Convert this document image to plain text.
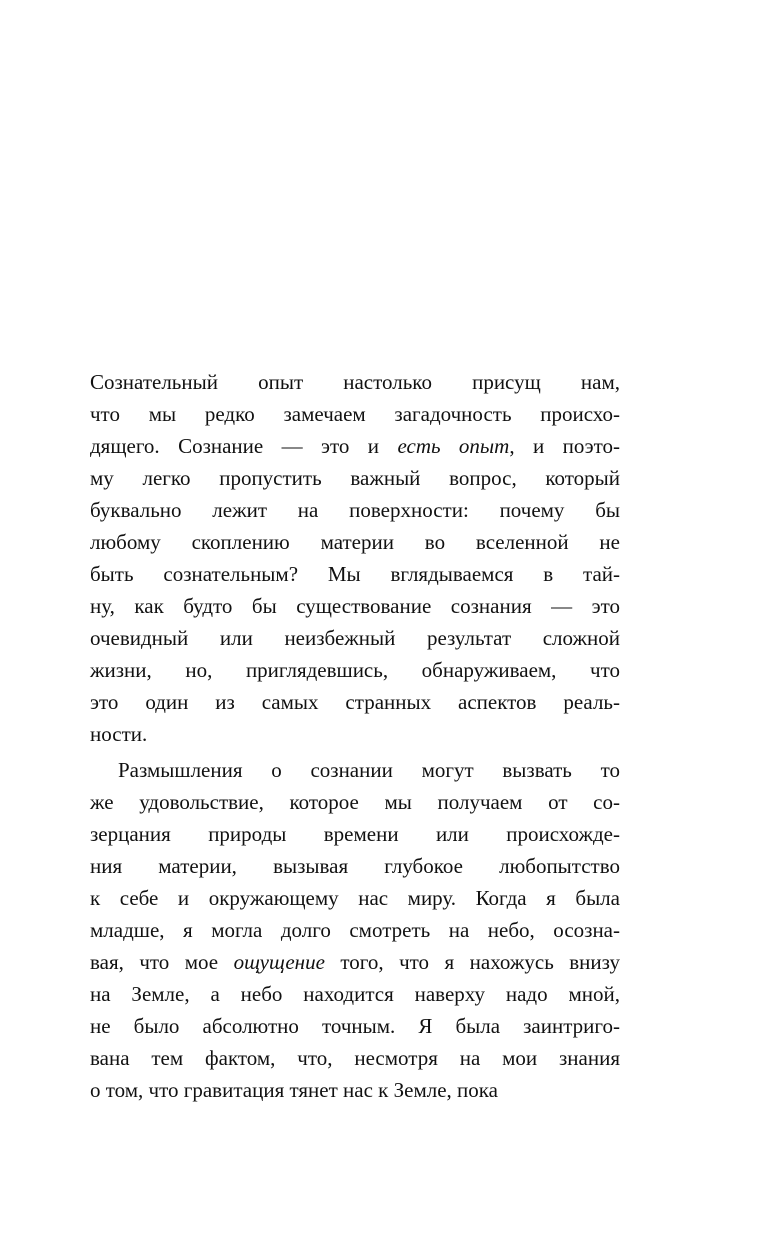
Сознательный опыт настолько присущ нам,
что мы редко замечаем загадочность происхо-
дящего. Сознание — это и есть опыт, и поэто-
му легко пропустить важный вопрос, который
буквально лежит на поверхности: почему бы
любому скоплению материи во вселенной не
быть сознательным? Мы вглядываемся в тай-
ну, как будто бы существование сознания — это
очевидный или неизбежный результат сложной
жизни, но, приглядевшись, обнаруживаем, что
это один из самых странных аспектов реаль-
ности.
Размышления о сознании могут вызвать то
же удовольствие, которое мы получаем от со-
зерцания природы времени или происхожде-
ния материи, вызывая глубокое любопытство
к себе и окружающему нас миру. Когда я была
младше, я могла долго смотреть на небо, осозна-
вая, что мое ощущение того, что я нахожусь внизу
на Земле, а небо находится наверху надо мной,
не было абсолютно точным. Я была заинтриго-
вана тем фактом, что, несмотря на мои знания
о том, что гравитация тянет нас к Земле, пока
